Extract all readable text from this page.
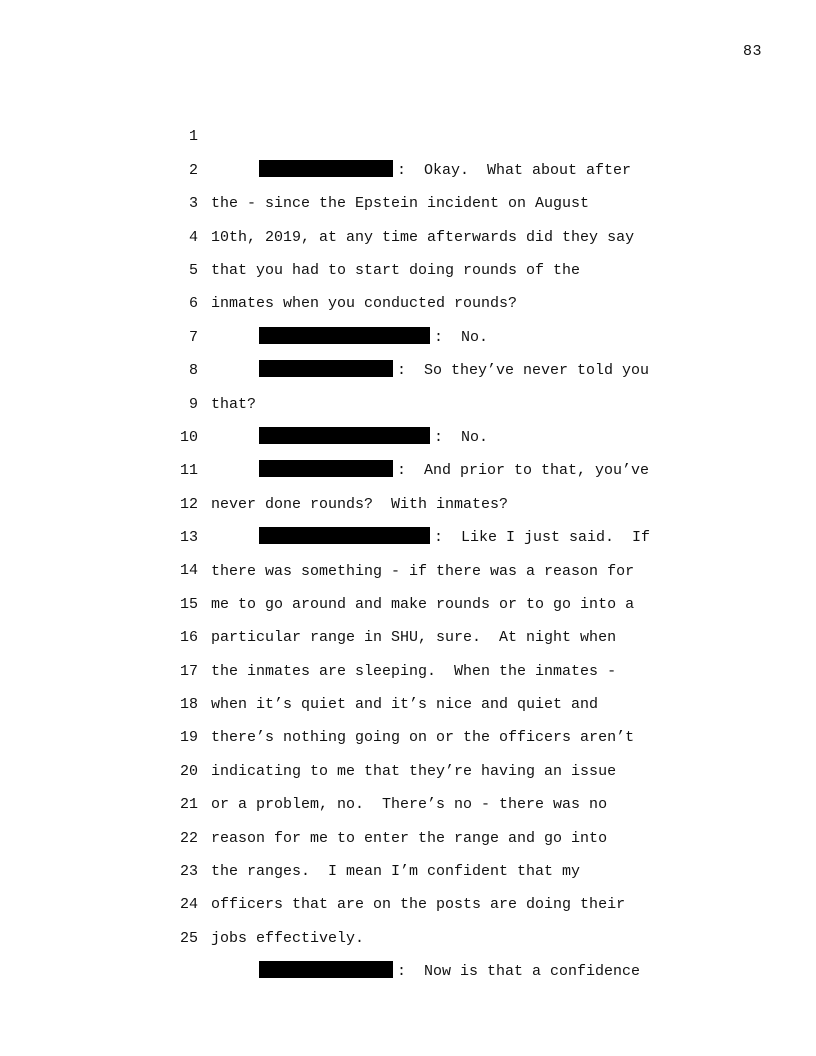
83

1

:  Okay.  What about after

2

the - since the Epstein incident on August

3

10th, 2019, at any time afterwards did they say

4

that you had to start doing rounds of the

5

inmates when you conducted rounds?

6

:  No.

7

:  So they’ve never told you

8

that?

9

:  No.

10

:  And prior to that, you’ve

11

never done rounds?  With inmates?

12

:  Like I just said.  If

13

there was something - if there was a reason for

14

me to go around and make rounds or to go into a

15

particular range in SHU, sure.  At night when

16

the inmates are sleeping.  When the inmates -

17

when it’s quiet and it’s nice and quiet and

18

there’s nothing going on or the officers aren’t

19

indicating to me that they’re having an issue

20

or a problem, no.  There’s no - there was no

21

reason for me to enter the range and go into

22

the ranges.  I mean I’m confident that my

23

officers that are on the posts are doing their

24

jobs effectively.

25

:  Now is that a confidence
